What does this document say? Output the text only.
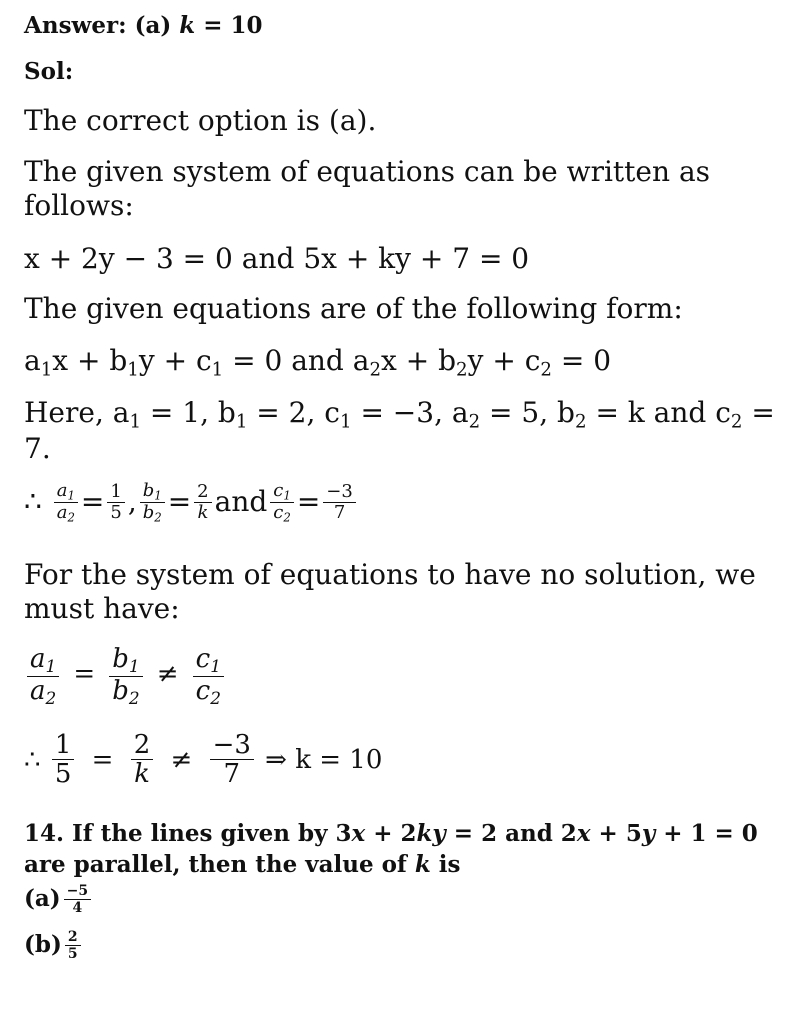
Answer: (a) k = 10
Sol:
The correct option is (a).
The given system of equations can be written as
follows:
x + 2y − 3 = 0 and 5x + ky + 7 = 0
The given equations are of the following form:
$a_1x + b_1y + c_1 = 0$ and $a_2x + b_2y + c_2 = 0$
Here, $a_1 = 1$, $b_1 = 2$, $c_1 = -3$, $a_2 = 5$, $b_2 = k$ and $c_2$ =
7.
∴ $\frac{a_1}{a_2} = \frac{1}{5}$ , $\frac{b_1}{b_2} = \frac{2}{k}$ and $\frac{c_1}{c_2} = \frac{-3}{7}$
For the system of equations to have no solution, we
must have:
$\frac{a_1}{a_2} = \frac{b_1}{b_2} \ne \frac{c_1}{c_2}$
∴ $\frac{1}{5} = \frac{2}{k} \ne \frac{-3}{7}$ ⇒ k = 10
14. If the lines given by 3x + 2ky = 2 and 2x + 5y + 1 = 0
are parallel, then the value of k is
$(a) \frac{-5}{4}$
$(b) \frac{2}{5}$
